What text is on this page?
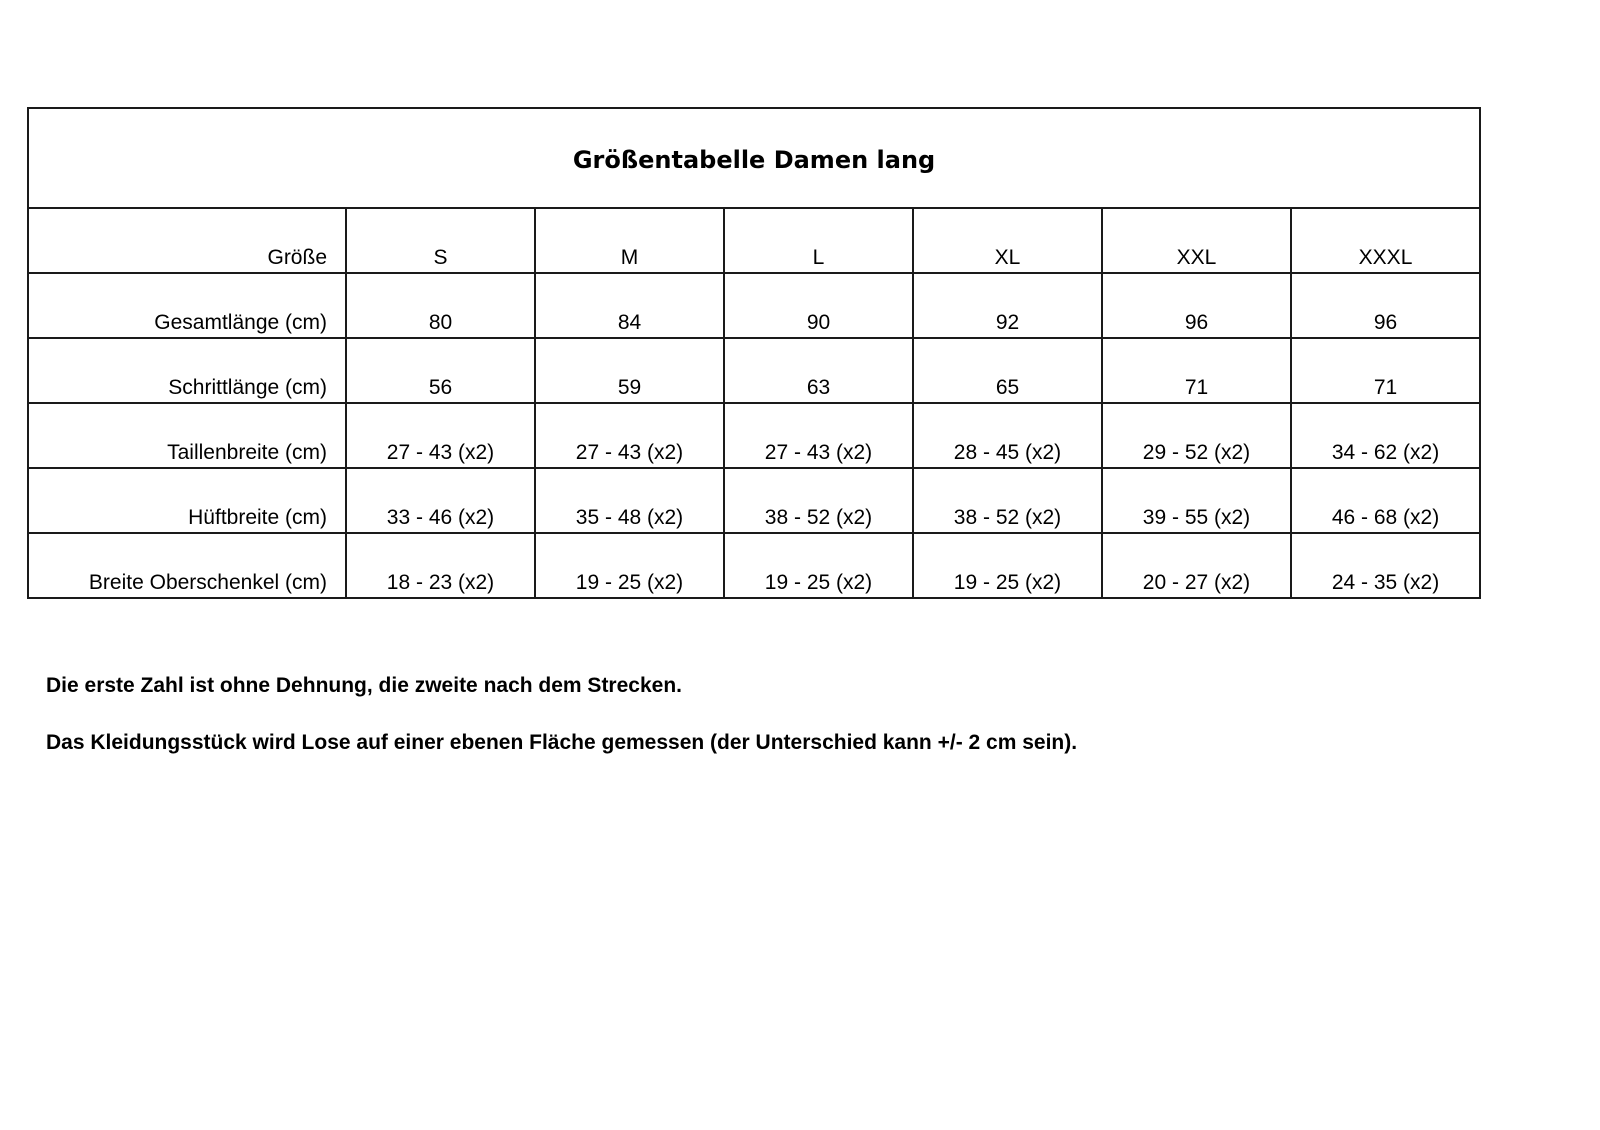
Größentabelle Damen lang						
Größe	S	M	L	XL	XXL	XXXL
Gesamtlänge (cm)	80	84	90	92	96	96
Schrittlänge (cm)	56	59	63	65	71	71
Taillenbreite (cm)	27 - 43 (x2)	27 - 43 (x2)	27 - 43 (x2)	28 - 45 (x2)	29 - 52 (x2)	34 - 62 (x2)
Hüftbreite (cm)	33 - 46 (x2)	35 - 48 (x2)	38 - 52 (x2)	38 - 52 (x2)	39 - 55 (x2)	46 - 68 (x2)
Breite Oberschenkel (cm)	18 - 23 (x2)	19 - 25 (x2)	19 - 25 (x2)	19 - 25 (x2)	20 - 27 (x2)	24 - 35 (x2)

Die erste Zahl ist ohne Dehnung, die zweite nach dem Strecken.

Das Kleidungsstück wird Lose auf einer ebenen Fläche gemessen (der Unterschied kann +/- 2 cm sein).
